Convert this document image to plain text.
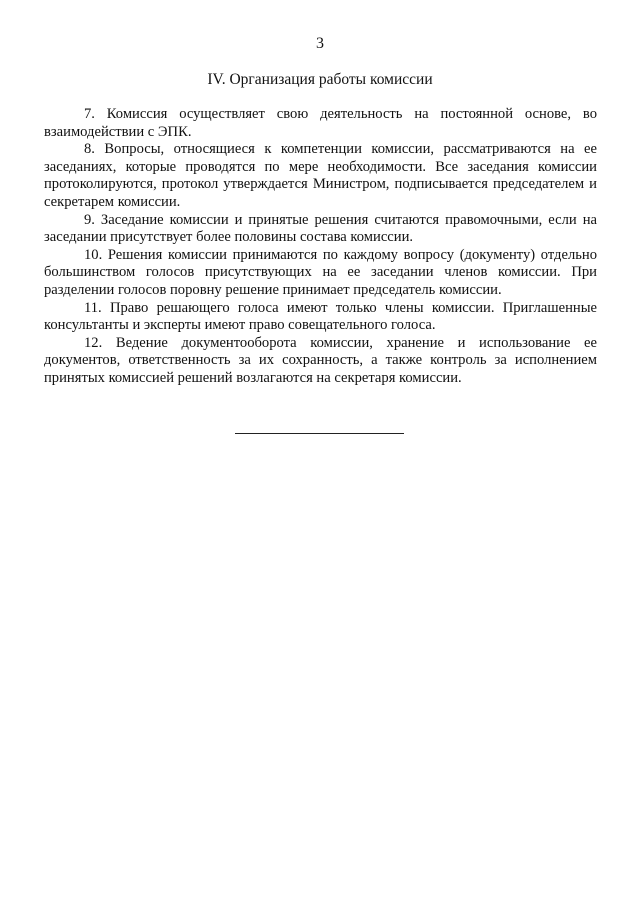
3
IV. Организация работы комиссии

7. Комиссия осуществляет свою деятельность на постоянной основе, во взаимодействии с ЭПК.

8. Вопросы, относящиеся к компетенции комиссии, рассматриваются на ее заседаниях, которые проводятся по мере необходимости. Все заседания комиссии протоколируются, протокол утверждается Министром, подписывается председателем и секретарем комиссии.

9. Заседание комиссии и принятые решения считаются правомочными, если на заседании присутствует более половины состава комиссии.

10. Решения комиссии принимаются по каждому вопросу (документу) отдельно большинством голосов присутствующих на ее заседании членов комиссии. При разделении голосов поровну решение принимает председатель комиссии.

11. Право решающего голоса имеют только члены комиссии. Приглашенные консультанты и эксперты имеют право совещательного голоса.

12. Ведение документооборота комиссии, хранение и использование ее документов, ответственность за их сохранность, а также контроль за исполнением принятых комиссией решений возлагаются на секретаря комиссии.
